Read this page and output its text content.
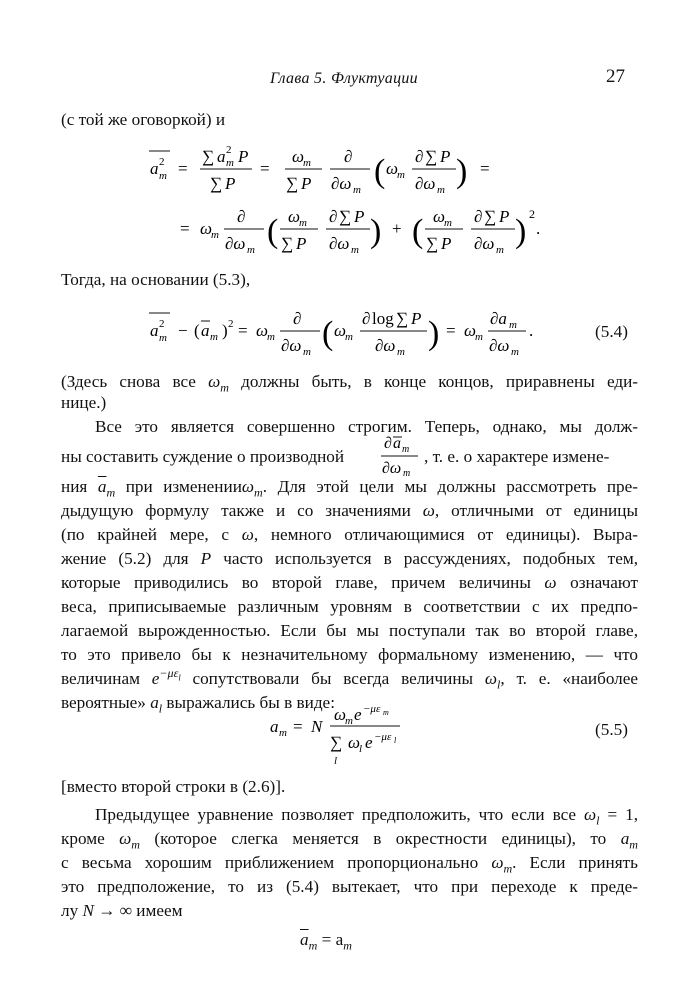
Глава 5. Флуктуации	27
(с той же оговоркой) и
a 2
m =
∑ a 2
m P
∑ P
=
ω
m
∑ P
∂
∂ω m ( ω
m
∂ ∑ P
∂ω m ) =
= ω
m
∂
∂ω m ( ω
m
∑ P
∂ ∑ P
∂ω m ) + ( ω
m
∑ P
∂ ∑ P
∂ω m ) 2
.
Тогда, на основании (5.3),
a 2
m − ( a m ) 2 = ω
m
∂
∂ω m ( ω
m
∂ log ∑ P
∂ω m ) = ω
m
∂a m
∂ω m
.	(5.4)
(Здесь снова все $\omega_m$ должны быть, в конце концов, приравнены еди-
нице.)
Все это является совершенно строгим. Теперь, однако, мы долж-
ны составить суждение о производной
∂ a m
∂ω m
, т. е. о характере измене-
ния $\overline{a}_m$ при измененииω$_m$. Для этой цели мы должны рассмотреть пре-
дыдущую формулу также и со значениями ω, отличными от единицы
(по крайней мере, с ω, немного отличающимися от единицы). Выра-
жение (5.2) для P часто используется в рассуждениях, подобных тем,
которые приводились во второй главе, причем величины ω означают
веса, приписываемые различным уровням в соответствии с их предпо-
лагаемой вырожденностью. Если бы мы поступали так во второй главе,
то это привело бы к незначительному формальному изменению, — что
величинам $e^{-\mu\varepsilon_l}$ сопутствовали бы всегда величины $\omega_l$, т. е. «наиболее
вероятные» $a_l$ выражались бы в виде:
a m = N
ω
m e −με m
∑
l
ω
l e −με l
(5.5)
[вместо второй строки в (2.6)].
Предыдущее уравнение позволяет предположить, что если все $\omega_l = 1$,
кроме $\omega_m$ (которое слегка меняется в окрестности единицы), то $a_m$
с весьма хорошим приближением пропорционально $\omega_m$. Если принять
это предположение, то из (5.4) вытекает, что при переходе к преде-
лу N → ∞ имеем
$\overline{a}_m = a_m$
